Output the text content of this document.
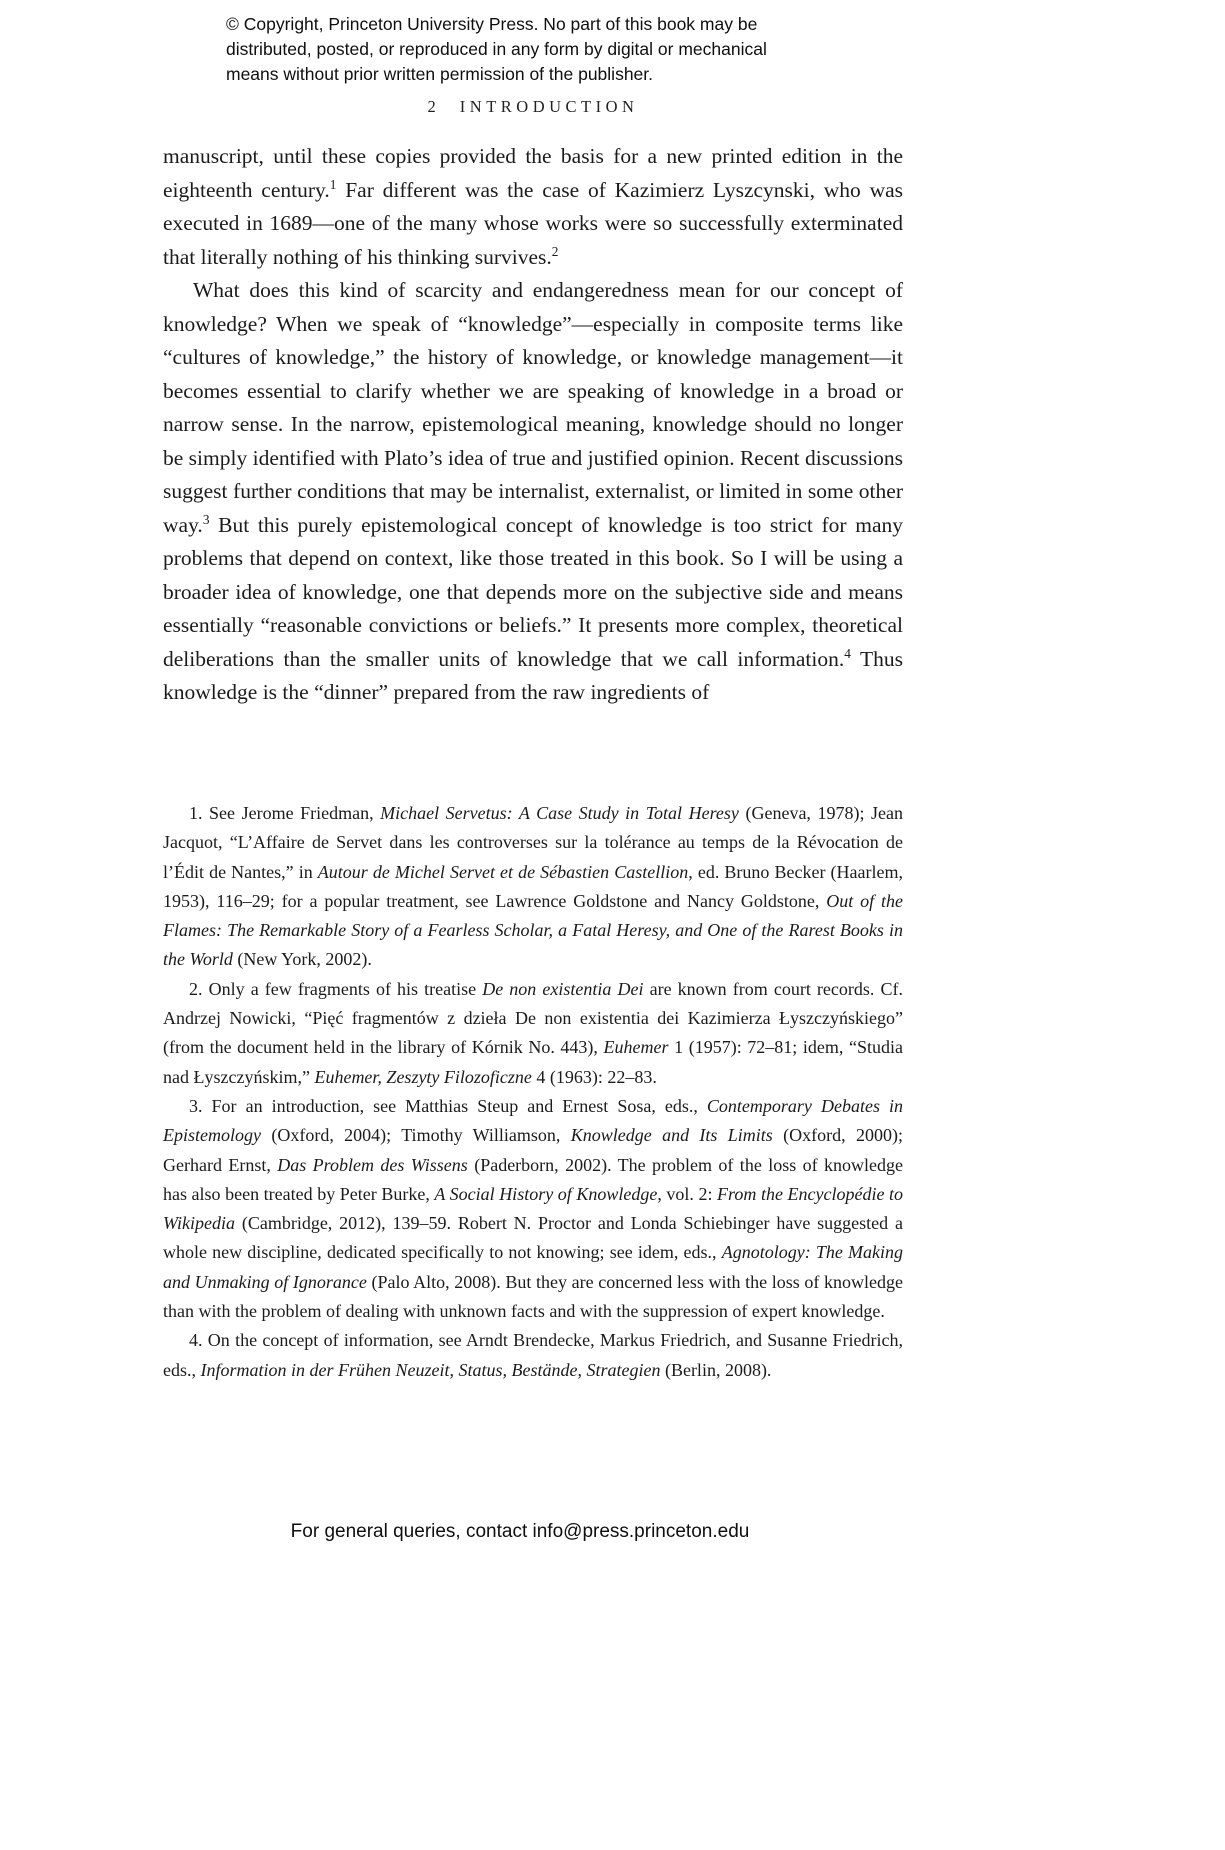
© Copyright, Princeton University Press. No part of this book may be
distributed, posted, or reproduced in any form by digital or mechanical
means without prior written permission of the publisher.
2 INTRODUCTION

manuscript, until these copies provided the basis for a new printed edition in the eighteenth century.$^1$ Far different was the case of Kazimierz Lyszcynski, who was executed in 1689—one of the many whose works were so successfully exterminated that literally nothing of his thinking survives.$^2$

What does this kind of scarcity and endangeredness mean for our concept of knowledge? When we speak of “knowledge”—especially in composite terms like “cultures of knowledge,” the history of knowledge, or knowledge management—it becomes essential to clarify whether we are speaking of knowledge in a broad or narrow sense. In the narrow, epistemological meaning, knowledge should no longer be simply identified with Plato’s idea of true and justified opinion. Recent discussions suggest further conditions that may be internalist, externalist, or limited in some other way.$^3$ But this purely epistemological concept of knowledge is too strict for many problems that depend on context, like those treated in this book. So I will be using a broader idea of knowledge, one that depends more on the subjective side and means essentially “reasonable convictions or beliefs.” It presents more complex, theoretical deliberations than the smaller units of knowledge that we call information.$^4$ Thus knowledge is the “dinner” prepared from the raw ingredients of

1. See Jerome Friedman, Michael Servetus: A Case Study in Total Heresy (Geneva, 1978); Jean Jacquot, “L’Affaire de Servet dans les controverses sur la tolérance au temps de la Révocation de l’Édit de Nantes,” in Autour de Michel Servet et de Sébastien Castellion, ed. Bruno Becker (Haarlem, 1953), 116–29; for a popular treatment, see Lawrence Goldstone and Nancy Goldstone, Out of the Flames: The Remarkable Story of a Fearless Scholar, a Fatal Heresy, and One of the Rarest Books in the World (New York, 2002).

2. Only a few fragments of his treatise De non existentia Dei are known from court records. Cf. Andrzej Nowicki, “Pięć fragmentów z dzieła De non existentia dei Kazimierza Łyszczyńskiego” (from the document held in the library of Kórnik No. 443), Euhemer 1 (1957): 72–81; idem, “Studia nad Łyszczyńskim,” Euhemer, Zeszyty Filozoficzne 4 (1963): 22–83.

3. For an introduction, see Matthias Steup and Ernest Sosa, eds., Contemporary Debates in Epistemology (Oxford, 2004); Timothy Williamson, Knowledge and Its Limits (Oxford, 2000); Gerhard Ernst, Das Problem des Wissens (Paderborn, 2002). The problem of the loss of knowledge has also been treated by Peter Burke, A Social History of Knowledge, vol. 2: From the Encyclopédie to Wikipedia (Cambridge, 2012), 139–59. Robert N. Proctor and Londa Schiebinger have suggested a whole new discipline, dedicated specifically to not knowing; see idem, eds., Agnotology: The Making and Unmaking of Ignorance (Palo Alto, 2008). But they are concerned less with the loss of knowledge than with the problem of dealing with unknown facts and with the suppression of expert knowledge.

4. On the concept of information, see Arndt Brendecke, Markus Friedrich, and Susanne Friedrich, eds., Information in der Frühen Neuzeit, Status, Bestände, Strategien (Berlin, 2008).

For general queries, contact info@press.princeton.edu
